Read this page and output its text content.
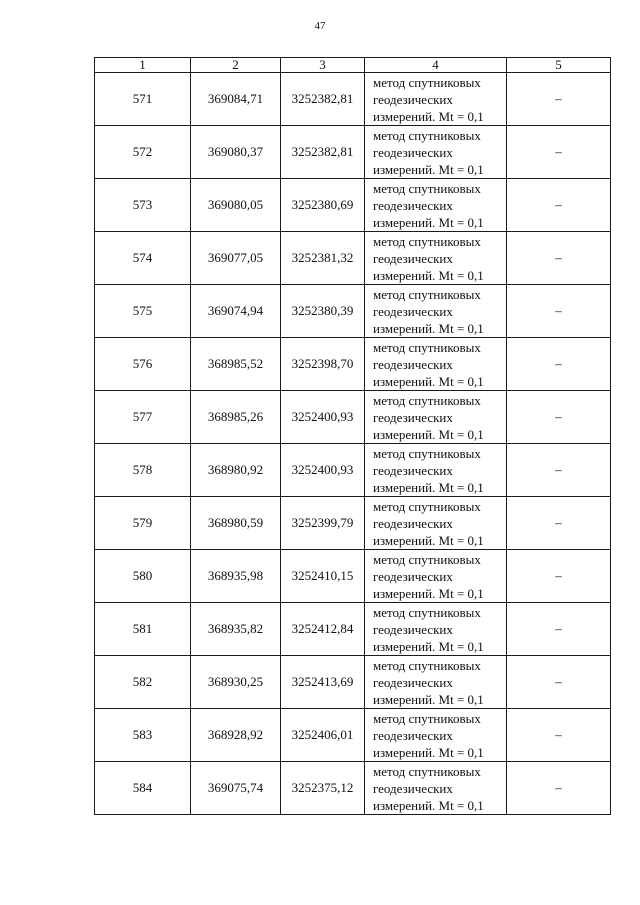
47
1	2	3	4	5
571	369084,71	3252382,81	метод спутниковых
геодезических
измерений. Mt = 0,1	–
572	369080,37	3252382,81	метод спутниковых
геодезических
измерений. Mt = 0,1	–
573	369080,05	3252380,69	метод спутниковых
геодезических
измерений. Mt = 0,1	–
574	369077,05	3252381,32	метод спутниковых
геодезических
измерений. Mt = 0,1	–
575	369074,94	3252380,39	метод спутниковых
геодезических
измерений. Mt = 0,1	–
576	368985,52	3252398,70	метод спутниковых
геодезических
измерений. Mt = 0,1	–
577	368985,26	3252400,93	метод спутниковых
геодезических
измерений. Mt = 0,1	–
578	368980,92	3252400,93	метод спутниковых
геодезических
измерений. Mt = 0,1	–
579	368980,59	3252399,79	метод спутниковых
геодезических
измерений. Mt = 0,1	–
580	368935,98	3252410,15	метод спутниковых
геодезических
измерений. Mt = 0,1	–
581	368935,82	3252412,84	метод спутниковых
геодезических
измерений. Mt = 0,1	–
582	368930,25	3252413,69	метод спутниковых
геодезических
измерений. Mt = 0,1	–
583	368928,92	3252406,01	метод спутниковых
геодезических
измерений. Mt = 0,1	–
584	369075,74	3252375,12	метод спутниковых
геодезических
измерений. Mt = 0,1	–
